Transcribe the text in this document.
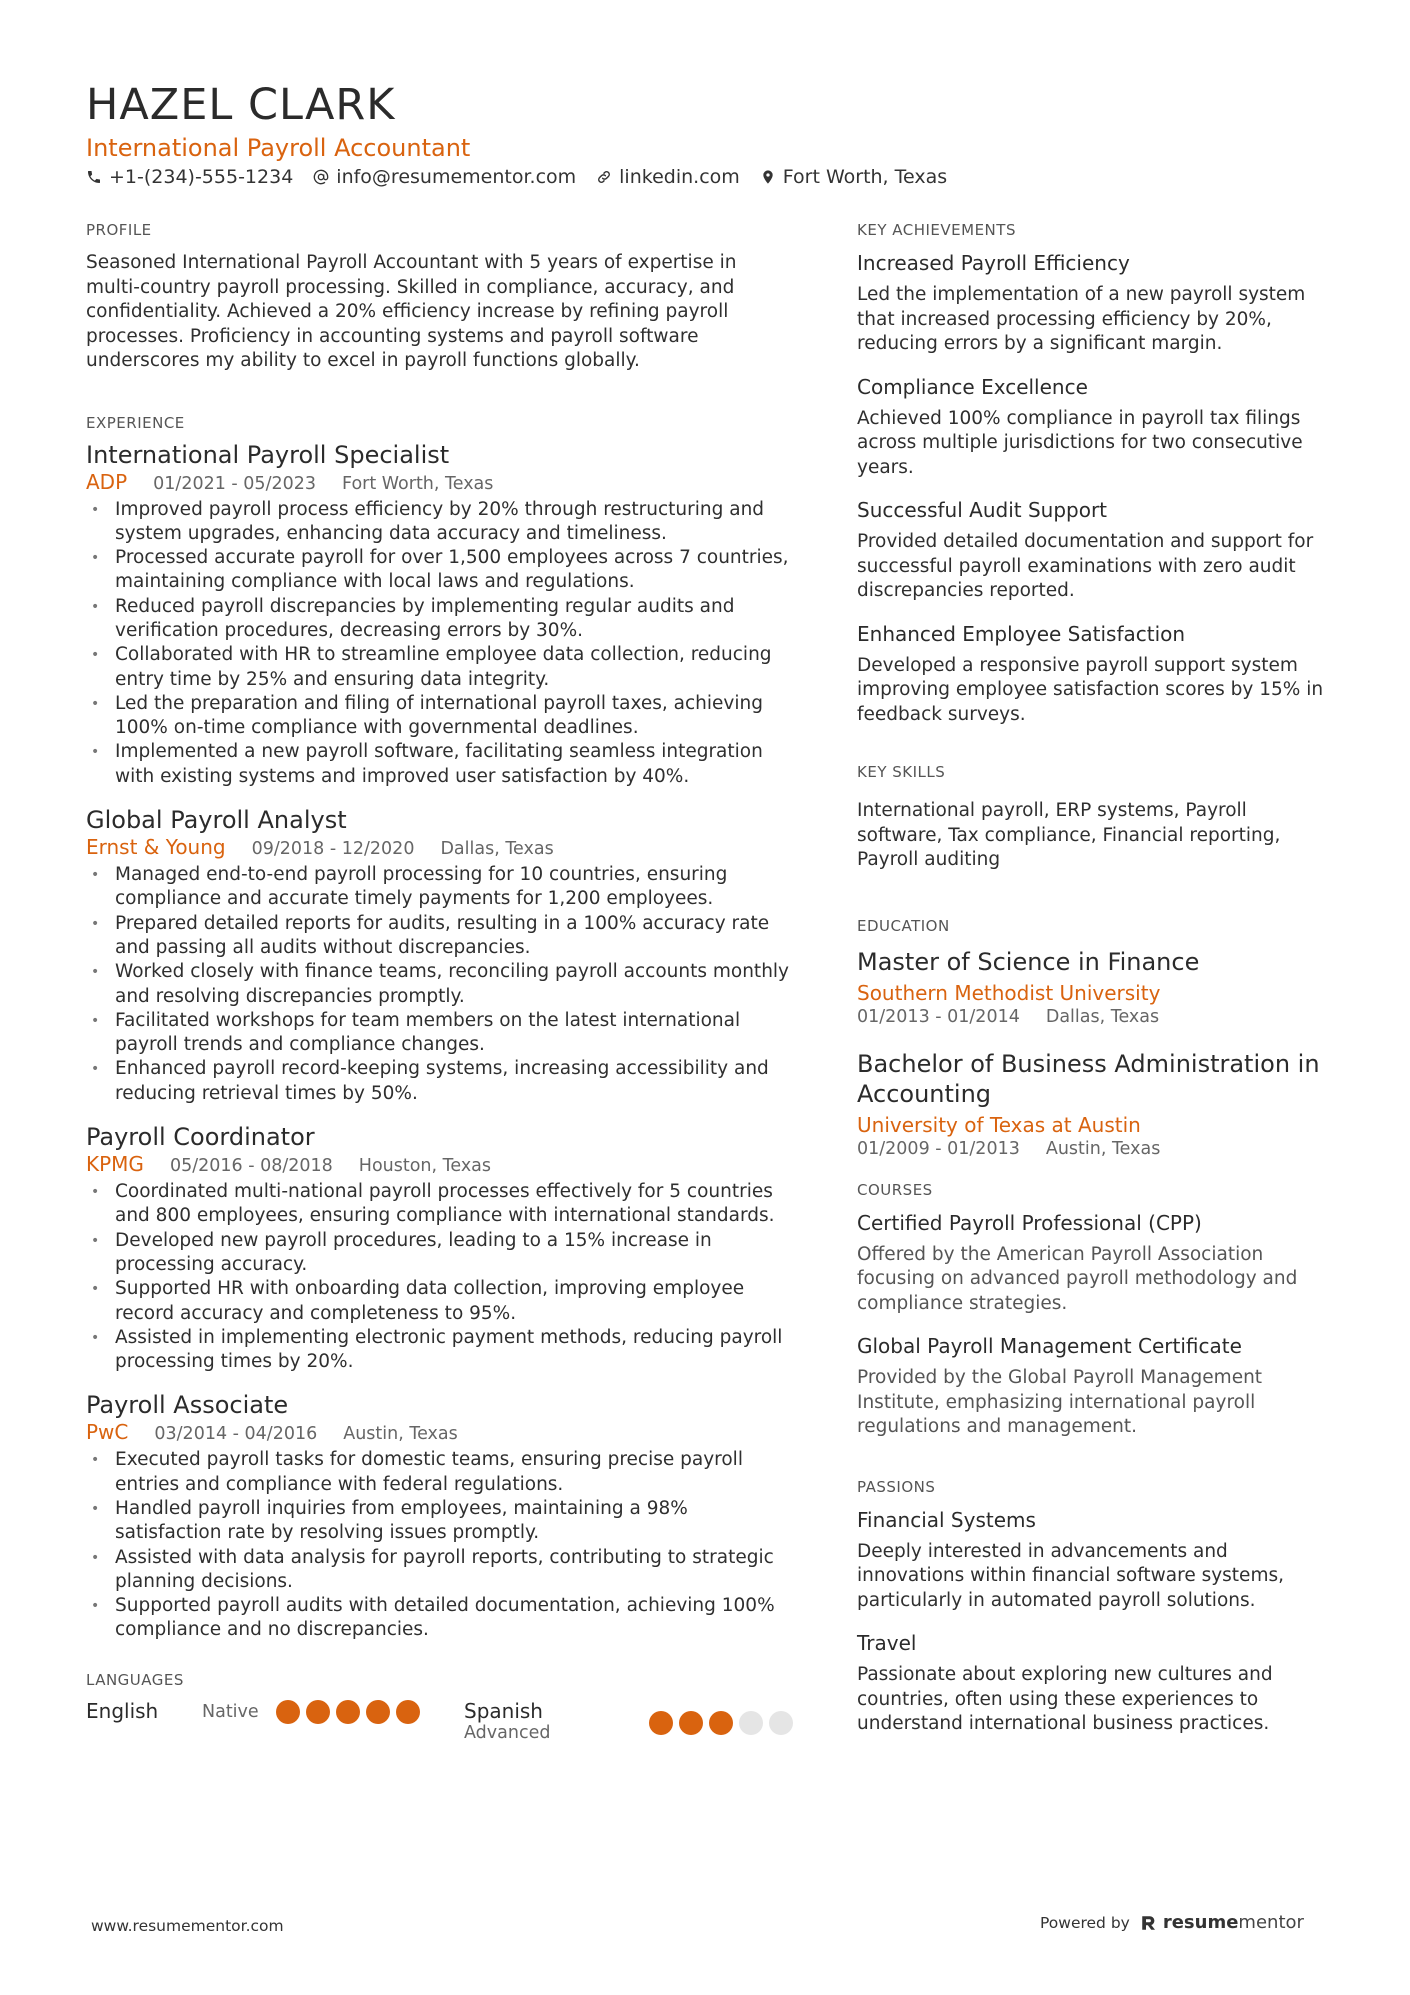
HAZEL CLARK
International Payroll Accountant
+1-(234)-555-1234 info@resumementor.com linkedin.com Fort Worth, Texas
PROFILE

Seasoned International Payroll Accountant with 5 years of expertise in multi-country payroll processing. Skilled in compliance, accuracy, and confidentiality. Achieved a 20% efficiency increase by refining payroll processes. Proficiency in accounting systems and payroll software underscores my ability to excel in payroll functions globally.

EXPERIENCE
International Payroll Specialist
ADP 01/2021 - 05/2023 Fort Worth, Texas
• Improved payroll process efficiency by 20% through restructuring and system upgrades, enhancing data accuracy and timeliness.
• Processed accurate payroll for over 1,500 employees across 7 countries, maintaining compliance with local laws and regulations.
• Reduced payroll discrepancies by implementing regular audits and verification procedures, decreasing errors by 30%.
• Collaborated with HR to streamline employee data collection, reducing entry time by 25% and ensuring data integrity.
• Led the preparation and filing of international payroll taxes, achieving 100% on-time compliance with governmental deadlines.
• Implemented a new payroll software, facilitating seamless integration with existing systems and improved user satisfaction by 40%.
Global Payroll Analyst
Ernst & Young 09/2018 - 12/2020 Dallas, Texas
• Managed end-to-end payroll processing for 10 countries, ensuring compliance and accurate timely payments for 1,200 employees.
• Prepared detailed reports for audits, resulting in a 100% accuracy rate and passing all audits without discrepancies.
• Worked closely with finance teams, reconciling payroll accounts monthly and resolving discrepancies promptly.
• Facilitated workshops for team members on the latest international payroll trends and compliance changes.
• Enhanced payroll record-keeping systems, increasing accessibility and reducing retrieval times by 50%.
Payroll Coordinator
KPMG 05/2016 - 08/2018 Houston, Texas
• Coordinated multi-national payroll processes effectively for 5 countries and 800 employees, ensuring compliance with international standards.
• Developed new payroll procedures, leading to a 15% increase in processing accuracy.
• Supported HR with onboarding data collection, improving employee record accuracy and completeness to 95%.
• Assisted in implementing electronic payment methods, reducing payroll processing times by 20%.
Payroll Associate
PwC 03/2014 - 04/2016 Austin, Texas
• Executed payroll tasks for domestic teams, ensuring precise payroll entries and compliance with federal regulations.
• Handled payroll inquiries from employees, maintaining a 98% satisfaction rate by resolving issues promptly.
• Assisted with data analysis for payroll reports, contributing to strategic planning decisions.
• Supported payroll audits with detailed documentation, achieving 100% compliance and no discrepancies.
LANGUAGES
English	Native	Spanish
Advanced
KEY ACHIEVEMENTS
Increased Payroll Efficiency
Led the implementation of a new payroll system that increased processing efficiency by 20%, reducing errors by a significant margin.
Compliance Excellence
Achieved 100% compliance in payroll tax filings across multiple jurisdictions for two consecutive years.
Successful Audit Support
Provided detailed documentation and support for successful payroll examinations with zero audit discrepancies reported.
Enhanced Employee Satisfaction
Developed a responsive payroll support system improving employee satisfaction scores by 15% in feedback surveys.
KEY SKILLS

International payroll, ERP systems, Payroll software, Tax compliance, Financial reporting, Payroll auditing

EDUCATION
Master of Science in Finance
Southern Methodist University
01/2013 - 01/2014 Dallas, Texas
Bachelor of Business Administration in Accounting
University of Texas at Austin
01/2009 - 01/2013 Austin, Texas
COURSES
Certified Payroll Professional (CPP)
Offered by the American Payroll Association focusing on advanced payroll methodology and compliance strategies.
Global Payroll Management Certificate
Provided by the Global Payroll Management Institute, emphasizing international payroll regulations and management.
PASSIONS
Financial Systems
Deeply interested in advancements and innovations within financial software systems, particularly in automated payroll solutions.
Travel
Passionate about exploring new cultures and countries, often using these experiences to understand international business practices.
www.resumementor.com	Powered by resumementor
